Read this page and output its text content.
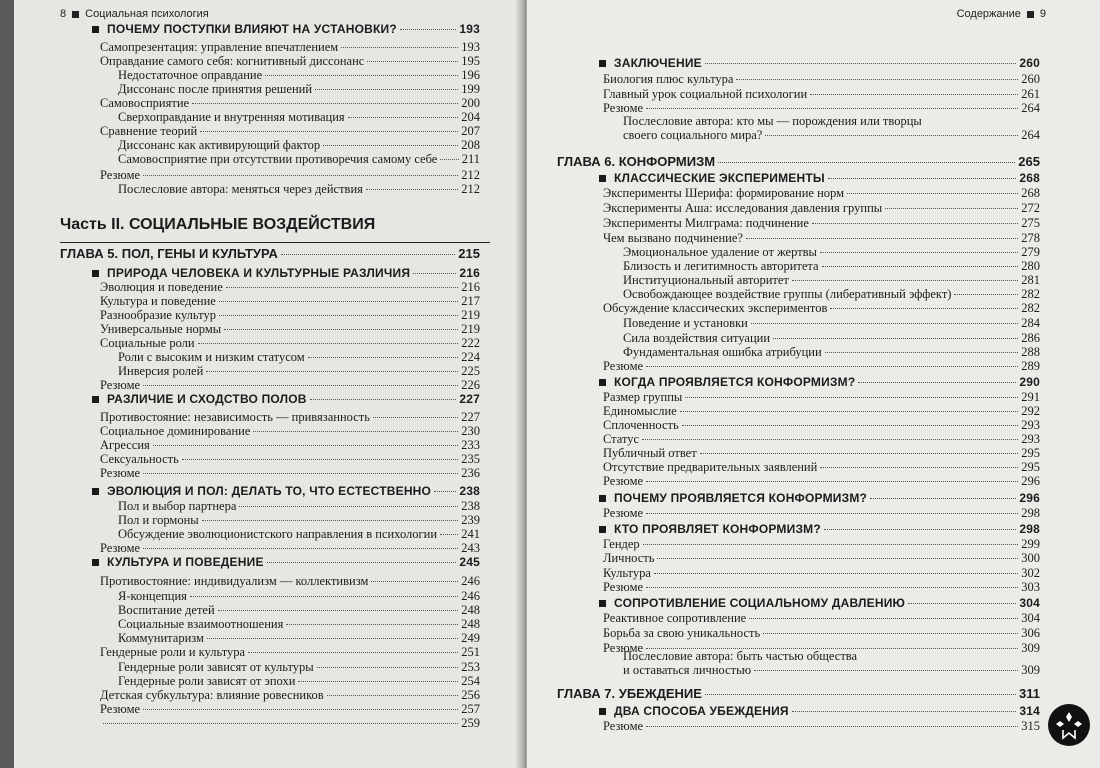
8 Социальная психология
ПОЧЕМУ ПОСТУПКИ ВЛИЯЮТ НА УСТАНОВКИ?	193
Самопрезентация: управление впечатлением	193
Оправдание самого себя: когнитивный диссонанс	195
Недостаточное оправдание	196
Диссонанс после принятия решений	199
Самовосприятие	200
Сверхоправдание и внутренняя мотивация	204
Сравнение теорий	207
Диссонанс как активирующий фактор	208
Самовосприятие при отсутствии противоречия самому себе 211
Резюме	212
Послесловие автора: меняться через действия	212
Часть II. СОЦИАЛЬНЫЕ ВОЗДЕЙСТВИЯ
ГЛАВА 5. ПОЛ, ГЕНЫ И КУЛЬТУРА	215
ПРИРОДА ЧЕЛОВЕКА И КУЛЬТУРНЫЕ РАЗЛИЧИЯ	216
Эволюция и поведение	216
Культура и поведение	217
Разнообразие культур	219
Универсальные нормы	219
Социальные роли	222
Роли с высоким и низким статусом	224
Инверсия ролей	225
Резюме	226
РАЗЛИЧИЕ И СХОДСТВО ПОЛОВ	227
Противостояние: независимость — привязанность	227
Социальное доминирование	230
Агрессия	233
Сексуальность	235
Резюме	236
ЭВОЛЮЦИЯ И ПОЛ: ДЕЛАТЬ ТО, ЧТО ЕСТЕСТВЕННО 238
Пол и выбор партнера	238
Пол и гормоны	239
Обсуждение эволюционистского направления в психологии 241
Резюме	243
КУЛЬТУРА И ПОВЕДЕНИЕ	245
Противостояние: индивидуализм — коллективизм	246
Я-концепция	246
Воспитание детей	248
Социальные взаимоотношения	248
Коммунитаризм	249
Гендерные роли и культура	251
Гендерные роли зависят от культуры	253
Гендерные роли зависят от эпохи	254
Детская субкультура: влияние ровесников	256
Резюме	257
259
Содержание 9
ЗАКЛЮЧЕНИЕ	260
Биология плюс культура	260
Главный урок социальной психологии	261
Резюме	264
Послесловие автора: кто мы — порождения или творцы
своего социального мира?	264
ГЛАВА 6. КОНФОРМИЗМ	265
КЛАССИЧЕСКИЕ ЭКСПЕРИМЕНТЫ	268
Эксперименты Шерифа: формирование норм	268
Эксперименты Аша: исследования давления группы	272
Эксперименты Милграма: подчинение	275
Чем вызвано подчинение?	278
Эмоциональное удаление от жертвы	279
Близость и легитимность авторитета	280
Институциональный авторитет	281
Освобождающее воздействие группы (либеративный эффект)	282
Обсуждение классических экспериментов	282
Поведение и установки	284
Сила воздействия ситуации	286
Фундаментальная ошибка атрибуции	288
Резюме	289
КОГДА ПРОЯВЛЯЕТСЯ КОНФОРМИЗМ?	290
Размер группы	291
Единомыслие	292
Сплоченность	293
Статус	293
Публичный ответ	295
Отсутствие предварительных заявлений	295
Резюме	296
ПОЧЕМУ ПРОЯВЛЯЕТСЯ КОНФОРМИЗМ?	296
Резюме	298
КТО ПРОЯВЛЯЕТ КОНФОРМИЗМ?	298
Гендер	299
Личность	300
Культура	302
Резюме	303
СОПРОТИВЛЕНИЕ СОЦИАЛЬНОМУ ДАВЛЕНИЮ	304
Реактивное сопротивление	304
Борьба за свою уникальность	306
Резюме	309
Послесловие автора: быть частью общества
и оставаться личностью	309
ГЛАВА 7. УБЕЖДЕНИЕ	311
ДВА СПОСОБА УБЕЖДЕНИЯ	314
Резюме	315
